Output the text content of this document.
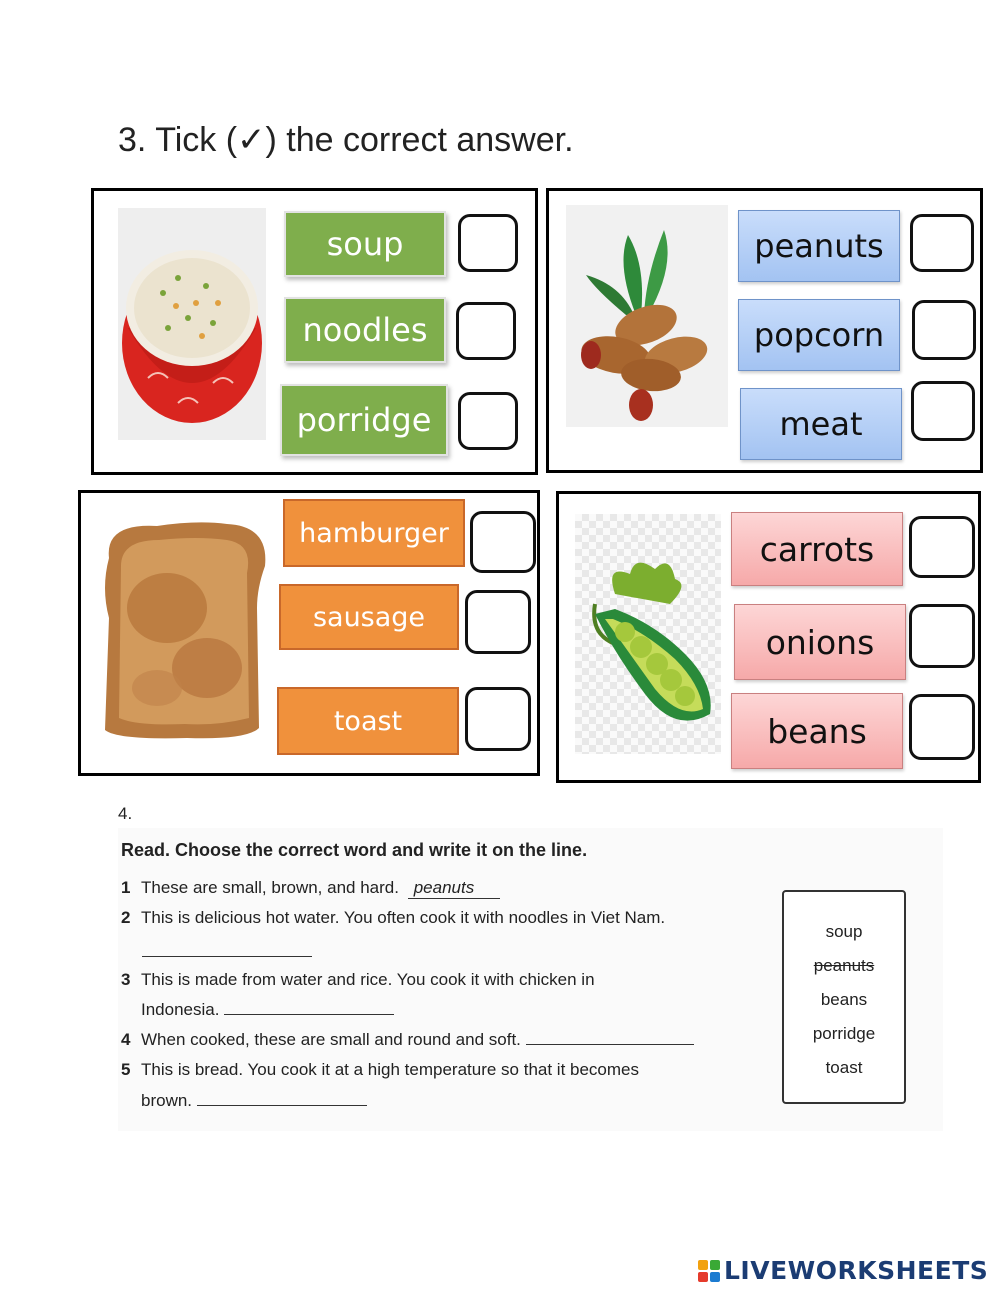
3. Tick (✓) the correct answer.
soup
noodles
porridge
peanuts
popcorn
meat
hamburger
sausage
toast
carrots
onions
beans
4.
Read. Choose the correct word and write it on the line.
1 These are small, brown, and hard. peanuts
2 This is delicious hot water. You often cook it with noodles in Viet Nam.
3 This is made from water and rice. You cook it with chicken in
Indonesia.
4 When cooked, these are small and round and soft.
5 This is bread. You cook it at a high temperature so that it becomes
brown.
soup
peanuts
beans
porridge
toast
LIVEWORKSHEETS
